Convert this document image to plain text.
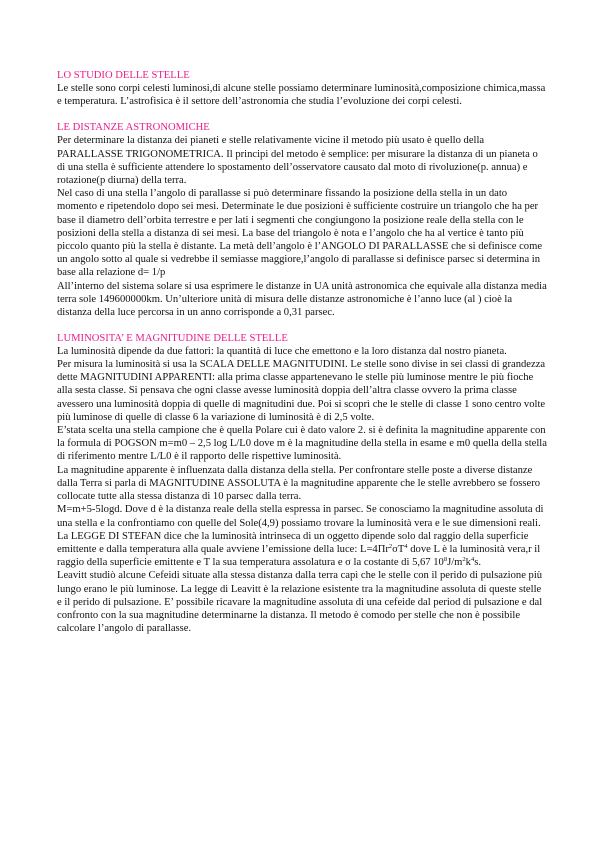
LO STUDIO DELLE STELLE

Le stelle sono corpi celesti luminosi,di alcune stelle possiamo determinare luminosità,composizione chimica,massa e temperatura. L’astrofisica è il settore dell’astronomia che studia l’evoluzione dei corpi celesti.

LE DISTANZE ASTRONOMICHE

Per determinare la distanza dei pianeti e stelle relativamente vicine il metodo più usato è quello della PARALLASSE TRIGONOMETRICA. Il principi del metodo è semplice: per misurare la distanza di un pianeta o di una stella è sufficiente attendere lo spostamento dell’osservatore causato dal moto di rivoluzione(p. annua) e rotazione(p diurna) della terra.

Nel caso di una stella l’angolo di parallasse si può determinare fissando la posizione della stella in un dato momento e ripetendolo dopo sei mesi. Determinate le due posizioni è sufficiente costruire un triangolo che ha per base il diametro dell’orbita terrestre e per lati i segmenti che congiungono la posizione reale della stella con le posizioni della stella a distanza di sei mesi. La base del triangolo è nota e l’angolo che ha al vertice è tanto più piccolo quanto più la stella è distante. La metà dell’angolo è l’ANGOLO DI PARALLASSE che si definisce come un angolo sotto al quale si vedrebbe il semiasse maggiore,l’angolo di parallasse si definisce parsec si determina in base alla relazione d= 1/p

All’interno del sistema solare si usa esprimere le distanze in UA unità astronomica che equivale alla distanza media terra sole 149600000km. Un’ulteriore unità di misura delle distanze astronomiche è l’anno luce (al ) cioè la distanza della luce percorsa in un anno corrisponde a 0,31 parsec.

LUMINOSITA’ E MAGNITUDINE DELLE STELLE

La luminosità dipende da due fattori: la quantità di luce che emettono e la loro distanza dal nostro pianeta.

Per misura la luminosità si usa la SCALA DELLE MAGNITUDINI. Le stelle sono divise in sei classi di grandezza dette MAGNITUDINI APPARENTI: alla prima classe appartenevano le stelle più luminose mentre le più fioche alla sesta classe. Si pensava che ogni classe avesse luminosità doppia dell’altra classe ovvero la prima classe avessero una luminosità doppia di quelle di magnitudini due. Poi si scoprì che le stelle di classe 1 sono centro volte più luminose di quelle di classe 6 la variazione di luminosità è di 2,5 volte.

E’stata scelta una stella campione che è quella Polare cui è dato valore 2. si è definita la magnitudine apparente con la formula di POGSON m=m0 – 2,5 log L/L0 dove m è la magnitudine della stella in esame e m0 quella della stella di riferimento mentre L/L0 è il rapporto delle rispettive luminosità.

La magnitudine apparente è influenzata dalla distanza della stella. Per confrontare stelle poste a diverse distanze dalla Terra si parla di MAGNITUDINE ASSOLUTA è la magnitudine apparente che le stelle avrebbero se fossero collocate tutte alla stessa distanza di 10 parsec dalla terra.

M=m+5-5logd. Dove d è la distanza reale della stella espressa in parsec. Se conosciamo la magnitudine assoluta di una stella e la confrontiamo con quelle del Sole(4,9) possiamo trovare la luminosità vera e le sue dimensioni reali. La LEGGE DI STEFAN dice che la luminosità intrinseca di un oggetto dipende solo dal raggio della superficie emittente e dalla temperatura alla quale avviene l’emissione della luce: $L=4\Pi r^2\sigma T^4$ dove L è la luminosità vera,r il raggio della superficie emittente e T la sua temperatura assolatura e σ la costante di 5,67 $10^8J/m^2k^4s$.

Leavitt studiò alcune Cefeidi situate alla stessa distanza dalla terra capì che le stelle con il perido di pulsazione più lungo erano le più luminose. La legge di Leavitt è la relazione esistente tra la magnitudine assoluta di queste stelle e il perido di pulsazione. E’ possibile ricavare la magnitudine assoluta di una cefeide dal period di pulsazione e dal confronto con la sua magnitudine determinarne la distanza. Il metodo è comodo per stelle che non è possibile calcolare l’angolo di parallasse.
